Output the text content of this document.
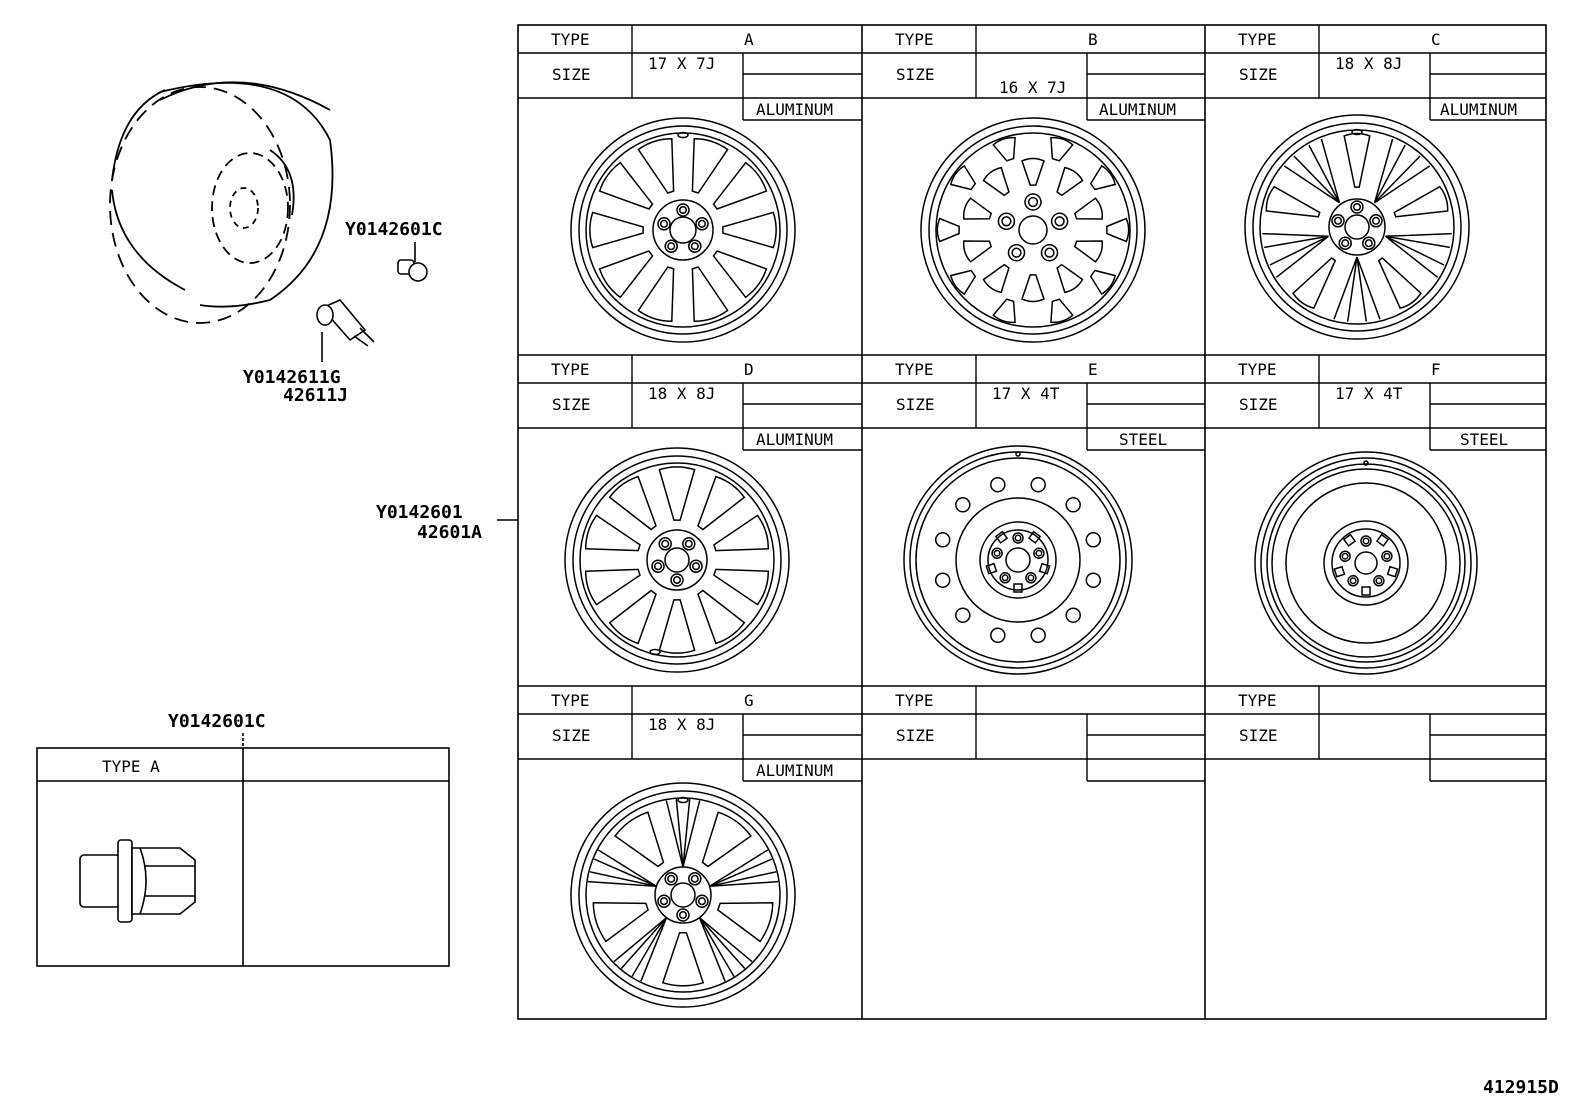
Y0142601C
Y0142611G
42611J
Y0142601
42601A
Y0142601C
TYPE A
TYPE
SIZE
A
17 X 7J
ALUMINUM
TYPE
SIZE
B
16 X 7J
ALUMINUM
TYPE
SIZE
C
18 X 8J
ALUMINUM
TYPE
SIZE
D
18 X 8J
ALUMINUM
TYPE
SIZE
E
17 X 4T
STEEL
TYPE
SIZE
F
17 X 4T
STEEL
TYPE
SIZE
G
18 X 8J
ALUMINUM
TYPE
SIZE
TYPE
SIZE
412915D
